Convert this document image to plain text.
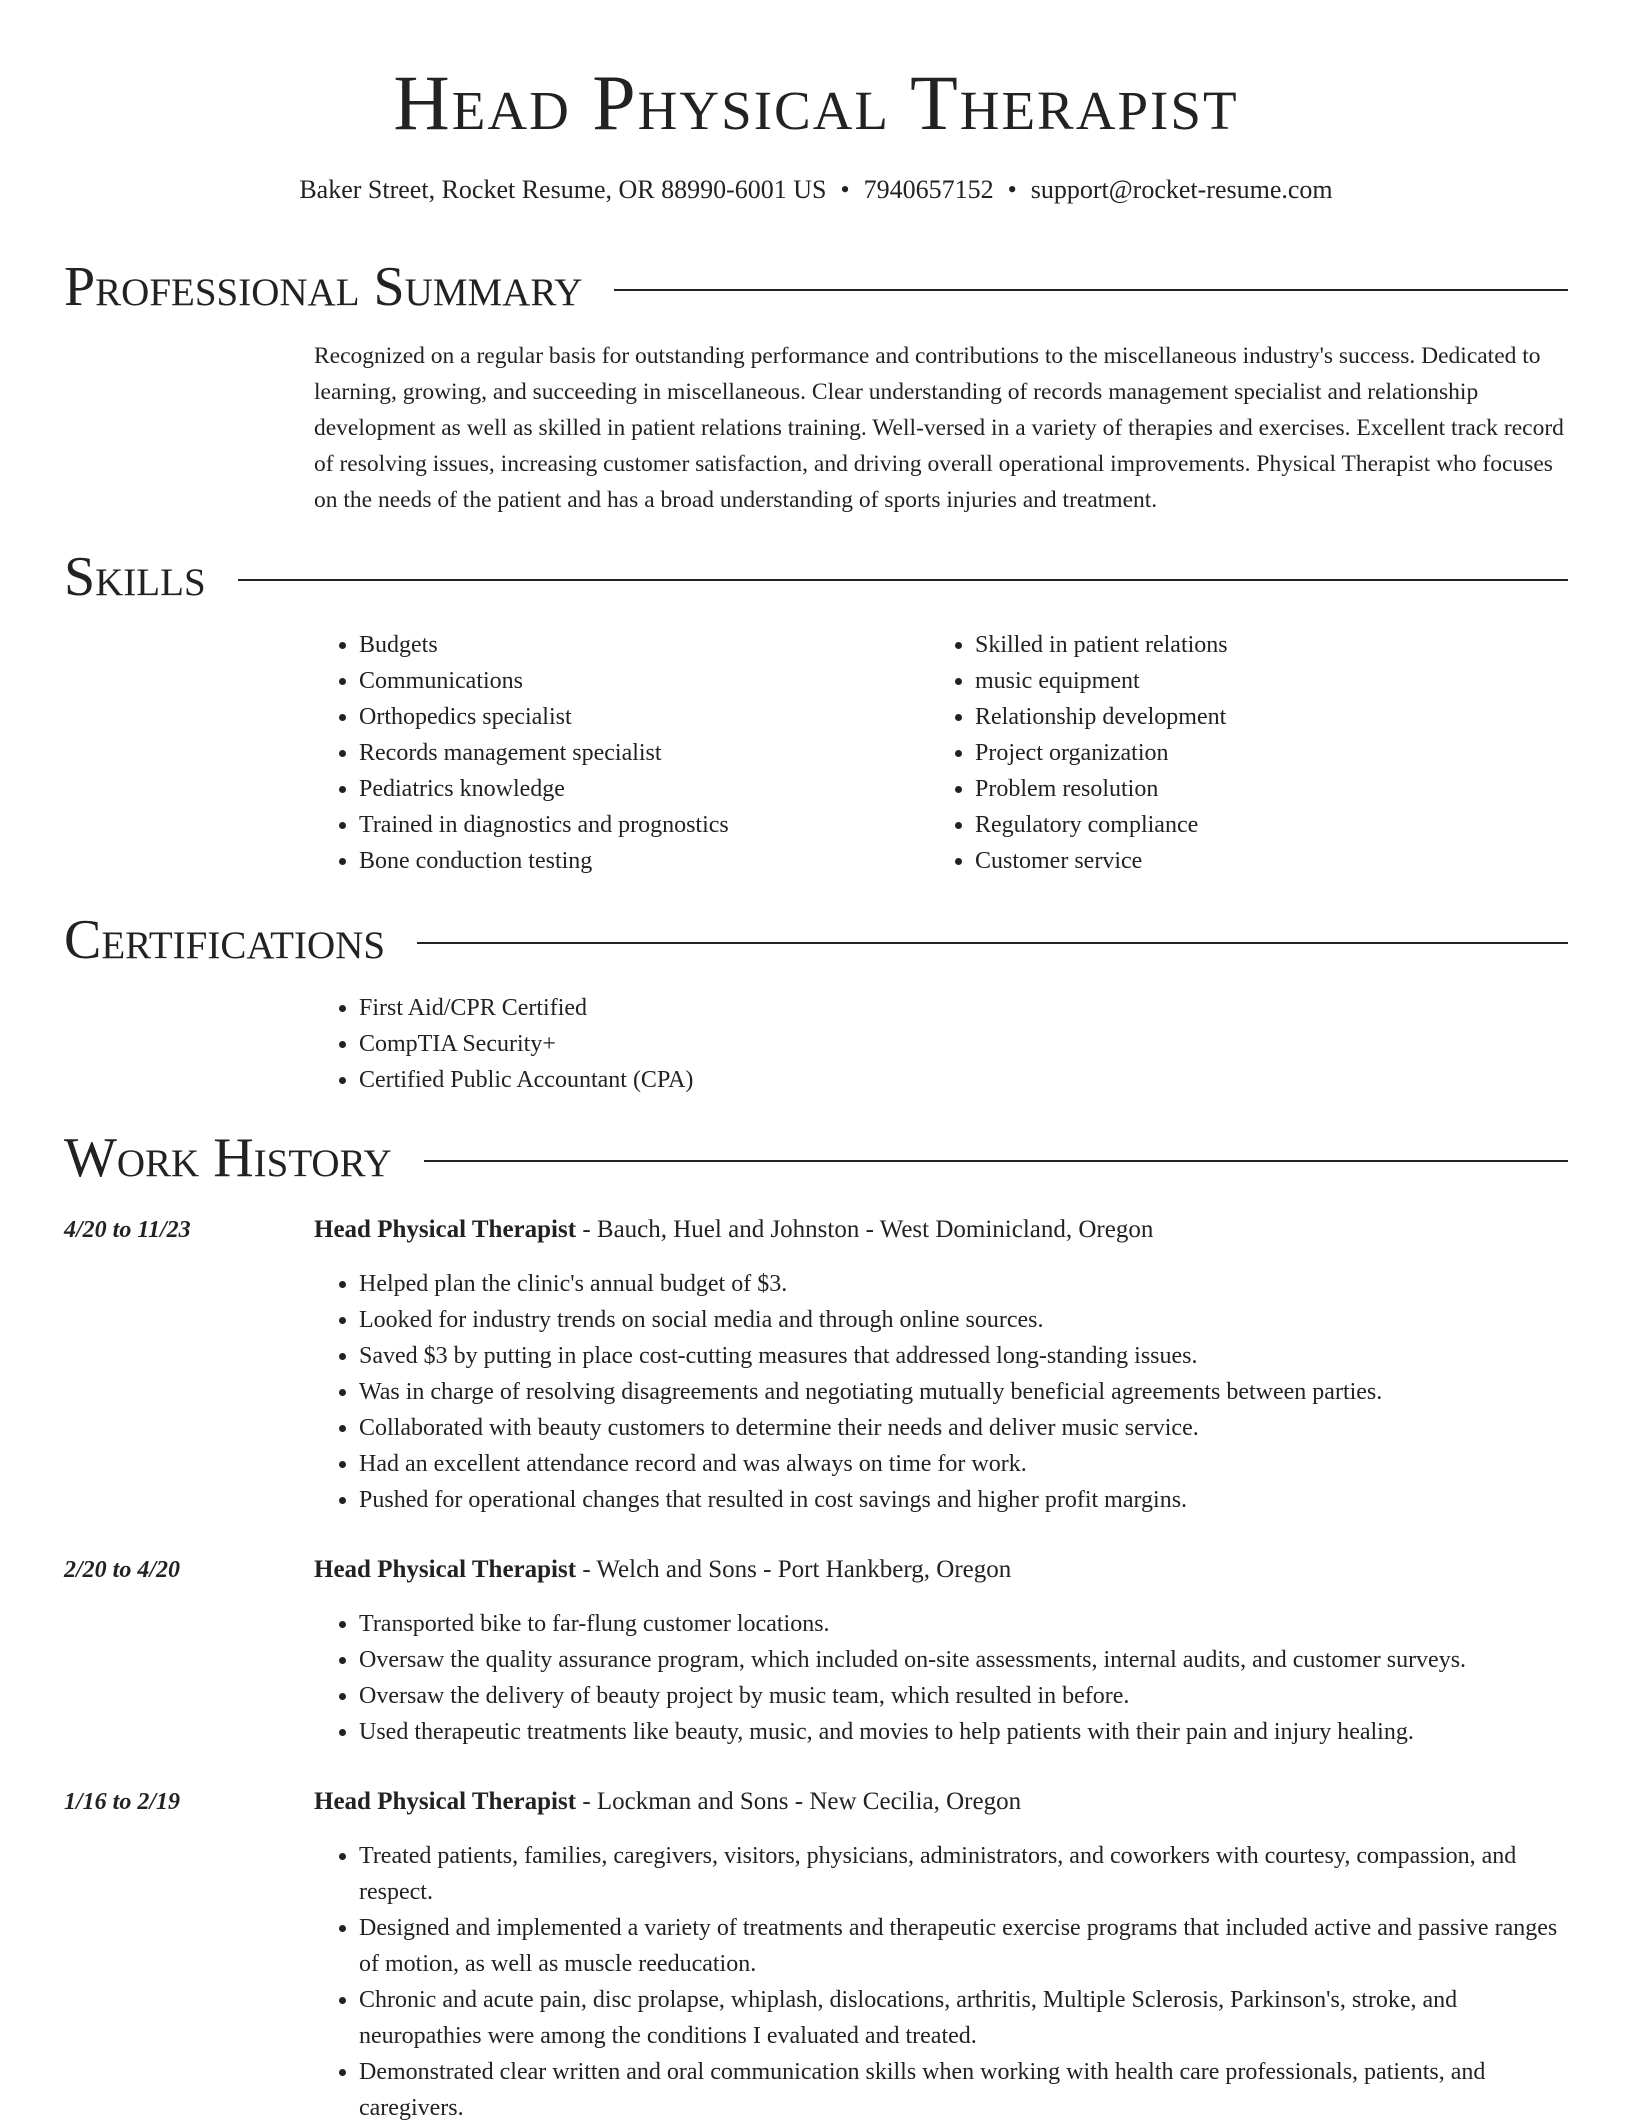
Head Physical Therapist
Baker Street, Rocket Resume, OR 88990-6001 US • 7940657152 • support@rocket-resume.com
Professional Summary

Recognized on a regular basis for outstanding performance and contributions to the miscellaneous industry's success. Dedicated to learning, growing, and succeeding in miscellaneous. Clear understanding of records management specialist and relationship development as well as skilled in patient relations training. Well-versed in a variety of therapies and exercises. Excellent track record of resolving issues, increasing customer satisfaction, and driving overall operational improvements. Physical Therapist who focuses on the needs of the patient and has a broad understanding of sports injuries and treatment.

Skills
• Budgets
• Communications
• Orthopedics specialist
• Records management specialist
• Pediatrics knowledge
• Trained in diagnostics and prognostics
• Bone conduction testing
• Skilled in patient relations
• music equipment
• Relationship development
• Project organization
• Problem resolution
• Regulatory compliance
• Customer service
Certifications
• First Aid/CPR Certified
• CompTIA Security+
• Certified Public Accountant (CPA)
Work History
4/20 to 11/23	Head Physical Therapist - Bauch, Huel and Johnston - West Dominicland, Oregon
• Helped plan the clinic's annual budget of $3.
• Looked for industry trends on social media and through online sources.
• Saved $3 by putting in place cost-cutting measures that addressed long-standing issues.
• Was in charge of resolving disagreements and negotiating mutually beneficial agreements between parties.
• Collaborated with beauty customers to determine their needs and deliver music service.
• Had an excellent attendance record and was always on time for work.
• Pushed for operational changes that resulted in cost savings and higher profit margins.
2/20 to 4/20	Head Physical Therapist - Welch and Sons - Port Hankberg, Oregon
• Transported bike to far-flung customer locations.
• Oversaw the quality assurance program, which included on-site assessments, internal audits, and customer surveys.
• Oversaw the delivery of beauty project by music team, which resulted in before.
• Used therapeutic treatments like beauty, music, and movies to help patients with their pain and injury healing.
1/16 to 2/19	Head Physical Therapist - Lockman and Sons - New Cecilia, Oregon
• Treated patients, families, caregivers, visitors, physicians, administrators, and coworkers with courtesy, compassion, and respect.
• Designed and implemented a variety of treatments and therapeutic exercise programs that included active and passive ranges of motion, as well as muscle reeducation.
• Chronic and acute pain, disc prolapse, whiplash, dislocations, arthritis, Multiple Sclerosis, Parkinson's, stroke, and neuropathies were among the conditions I evaluated and treated.
• Demonstrated clear written and oral communication skills when working with health care professionals, patients, and caregivers.
